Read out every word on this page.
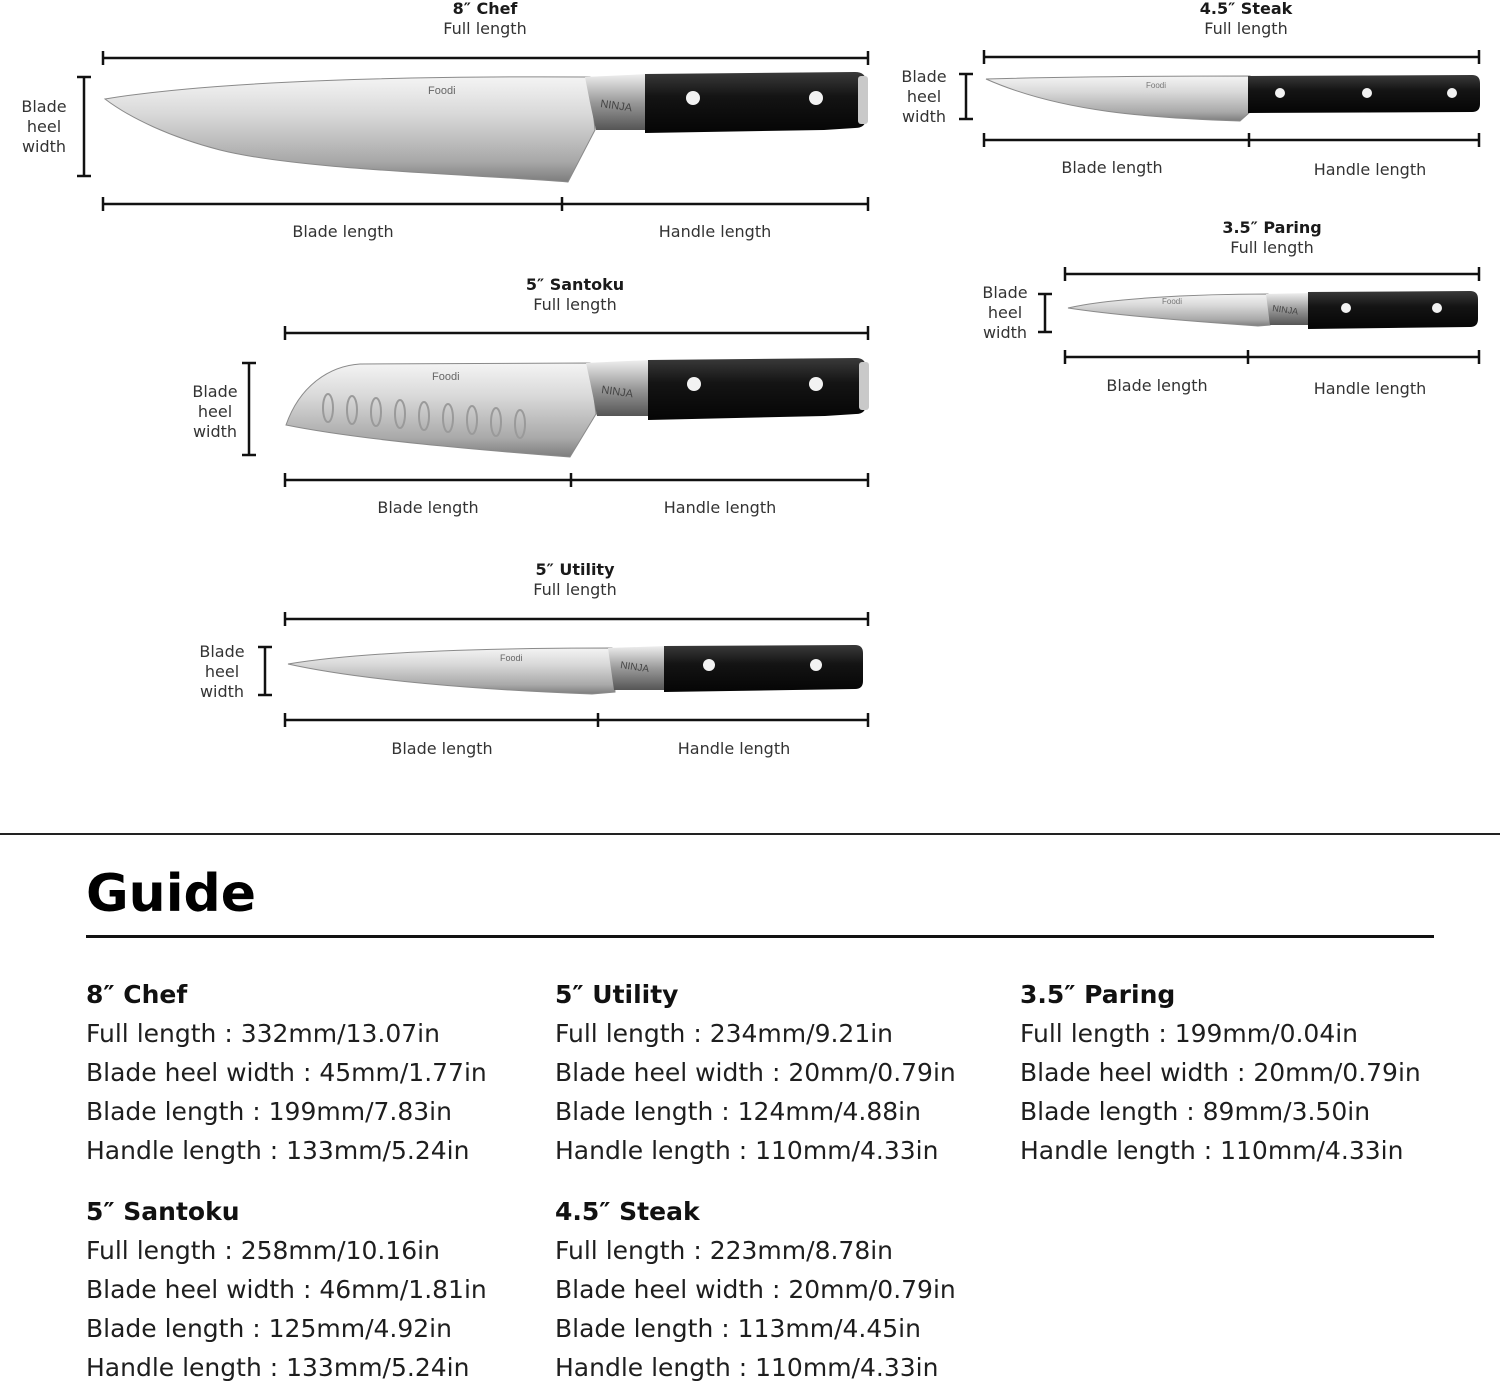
Foodi
NINJA
Foodi
NINJA
Foodi
NINJA
Foodi
Foodi
NINJA
8″ Chef
Full length
Blade heel width
Blade length	Handle length
5″ Santoku
Full length
Blade heel width
Blade length	Handle length
5″ Utility
Full length
Blade heel width
Blade length	Handle length
4.5″ Steak
Full length
Blade heel width
Blade length	Handle length
3.5″ Paring
Full length
Blade heel width
Blade length	Handle length
Guide
8″ Chef
Full length : 332mm/13.07in
Blade heel width : 45mm/1.77in
Blade length : 199mm/7.83in
Handle length : 133mm/5.24in
5″ Utility
Full length : 234mm/9.21in
Blade heel width : 20mm/0.79in
Blade length : 124mm/4.88in
Handle length : 110mm/4.33in
3.5″ Paring
Full length : 199mm/0.04in
Blade heel width : 20mm/0.79in
Blade length : 89mm/3.50in
Handle length : 110mm/4.33in
5″ Santoku
Full length : 258mm/10.16in
Blade heel width : 46mm/1.81in
Blade length : 125mm/4.92in
Handle length : 133mm/5.24in
4.5″ Steak
Full length : 223mm/8.78in
Blade heel width : 20mm/0.79in
Blade length : 113mm/4.45in
Handle length : 110mm/4.33in
